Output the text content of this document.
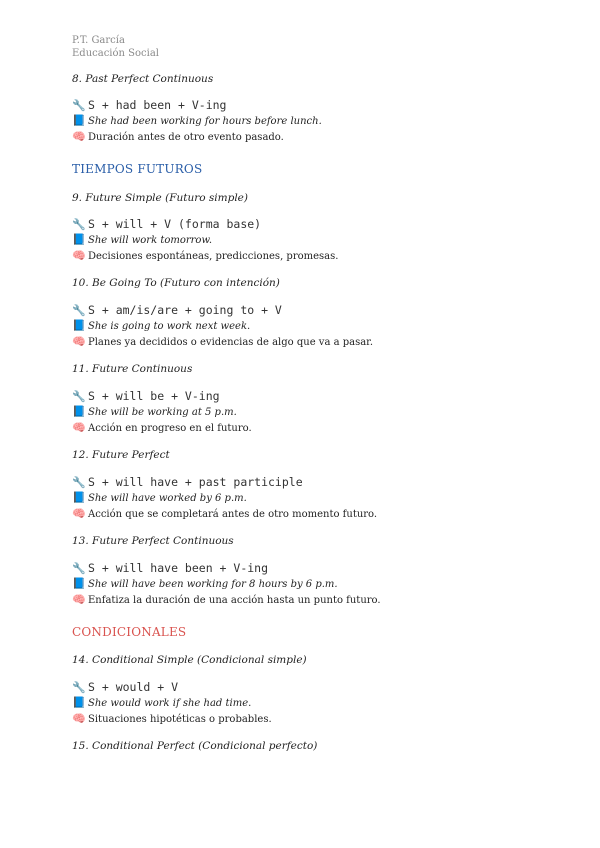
P.T. García
Educación Social
8. Past Perfect Continuous
🔧 S + had been + V-ing
📘 She had been working for hours before lunch.
🧠 Duración antes de otro evento pasado.
TIEMPOS FUTUROS
9. Future Simple (Futuro simple)
🔧 S + will + V (forma base)
📘 She will work tomorrow.
🧠 Decisiones espontáneas, predicciones, promesas.
10. Be Going To (Futuro con intención)
🔧 S + am/is/are + going to + V
📘 She is going to work next week.
🧠 Planes ya decididos o evidencias de algo que va a pasar.
11. Future Continuous
🔧 S + will be + V-ing
📘 She will be working at 5 p.m.
🧠 Acción en progreso en el futuro.
12. Future Perfect
🔧 S + will have + past participle
📘 She will have worked by 6 p.m.
🧠 Acción que se completará antes de otro momento futuro.
13. Future Perfect Continuous
🔧 S + will have been + V-ing
📘 She will have been working for 8 hours by 6 p.m.
🧠 Enfatiza la duración de una acción hasta un punto futuro.
CONDICIONALES
14. Conditional Simple (Condicional simple)
🔧 S + would + V
📘 She would work if she had time.
🧠 Situaciones hipotéticas o probables.
15. Conditional Perfect (Condicional perfecto)
